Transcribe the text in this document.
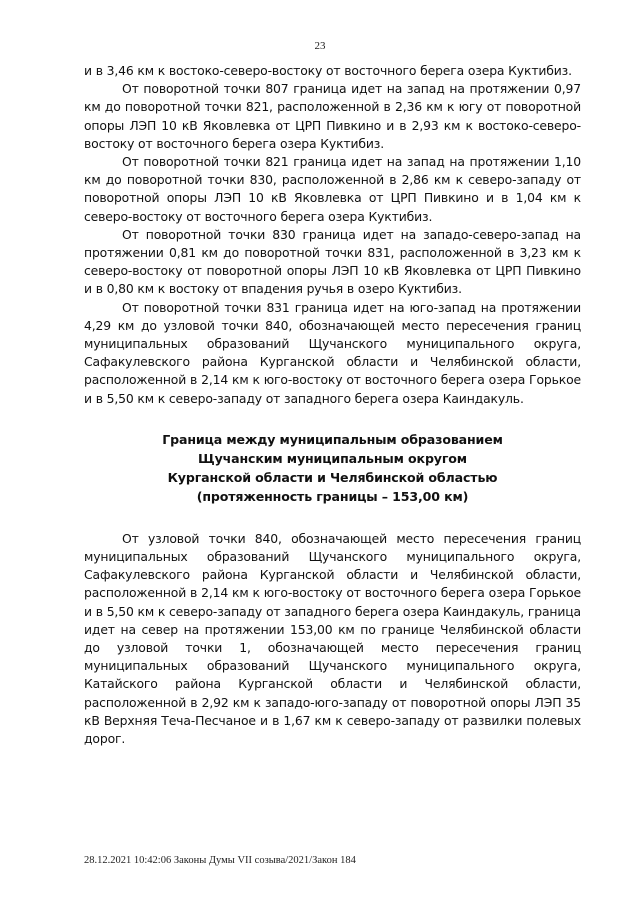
23

и в 3,46 км к востоко-северо-востоку от восточного берега озера Куктибиз.

От поворотной точки 807 граница идет на запад на протяжении 0,97 км до поворотной точки 821, расположенной в 2,36 км к югу от поворотной опоры ЛЭП 10 кВ Яковлевка от ЦРП Пивкино и в 2,93 км к востоко-северо-востоку от восточного берега озера Куктибиз.

От поворотной точки 821 граница идет на запад на протяжении 1,10 км до поворотной точки 830, расположенной в 2,86 км к северо-западу от поворотной опоры ЛЭП 10 кВ Яковлевка от ЦРП Пивкино и в 1,04 км к северо-востоку от восточного берега озера Куктибиз.

От поворотной точки 830 граница идет на западо-северо-запад на протяжении 0,81 км до поворотной точки 831, расположенной в 3,23 км к северо-востоку от поворотной опоры ЛЭП 10 кВ Яковлевка от ЦРП Пивкино и в 0,80 км к востоку от впадения ручья в озеро Куктибиз.

От поворотной точки 831 граница идет на юго-запад на протяжении 4,29 км до узловой точки 840, обозначающей место пересечения границ муниципальных образований Щучанского муниципального округа, Сафакулевского района Курганской области и Челябинской области, расположенной в 2,14 км к юго-востоку от восточного берега озера Горькое и в 5,50 км к северо-западу от западного берега озера Каиндакуль.

Граница между муниципальным образованием
Щучанским муниципальным округом
Курганской области и Челябинской областью
(протяженность границы – 153,00 км)

От узловой точки 840, обозначающей место пересечения границ муниципальных образований Щучанского муниципального округа, Сафакулевского района Курганской области и Челябинской области, расположенной в 2,14 км к юго-востоку от восточного берега озера Горькое и в 5,50 км к северо-западу от западного берега озера Каиндакуль, граница идет на север на протяжении 153,00 км по границе Челябинской области до узловой точки 1, обозначающей место пересечения границ муниципальных образований Щучанского муниципального округа, Катайского района Курганской области и Челябинской области, расположенной в 2,92 км к западо-юго-западу от поворотной опоры ЛЭП 35 кВ Верхняя Теча-Песчаное и в 1,67 км к северо-западу от развилки полевых дорог.

28.12.2021 10:42:06 Законы Думы VII созыва/2021/Закон 184
